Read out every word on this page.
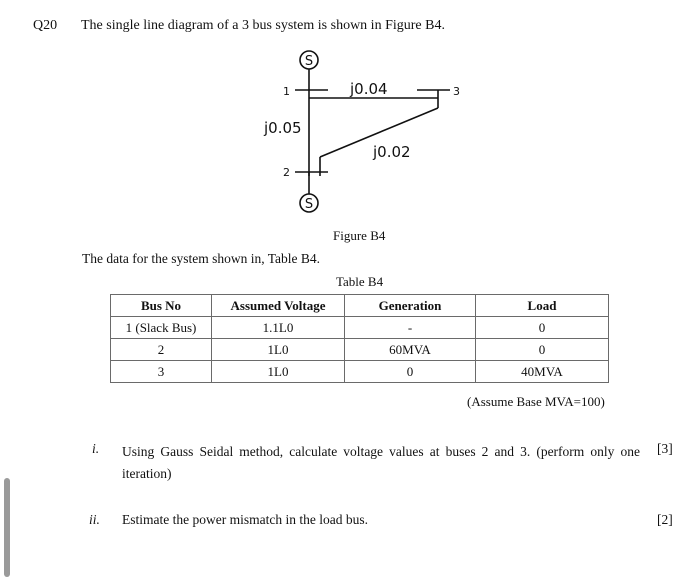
Q20 The single line diagram of a 3 bus system is shown in Figure B4.
S
1	j0.04	3
j0.05
j0.02
2
S
Figure B4
The data for the system shown in, Table B4.
Table B4
Bus No	Assumed Voltage	Generation	Load
1 (Slack Bus)	1.1L0	-	0
2	1L0	60MVA	0
3	1L0	0	40MVA
(Assume Base MVA=100)
i. Using Gauss Seidal method, calculate voltage values at buses 2 and 3. (perform only one iteration)
[3]
ii. Estimate the power mismatch in the load bus.	[2]
